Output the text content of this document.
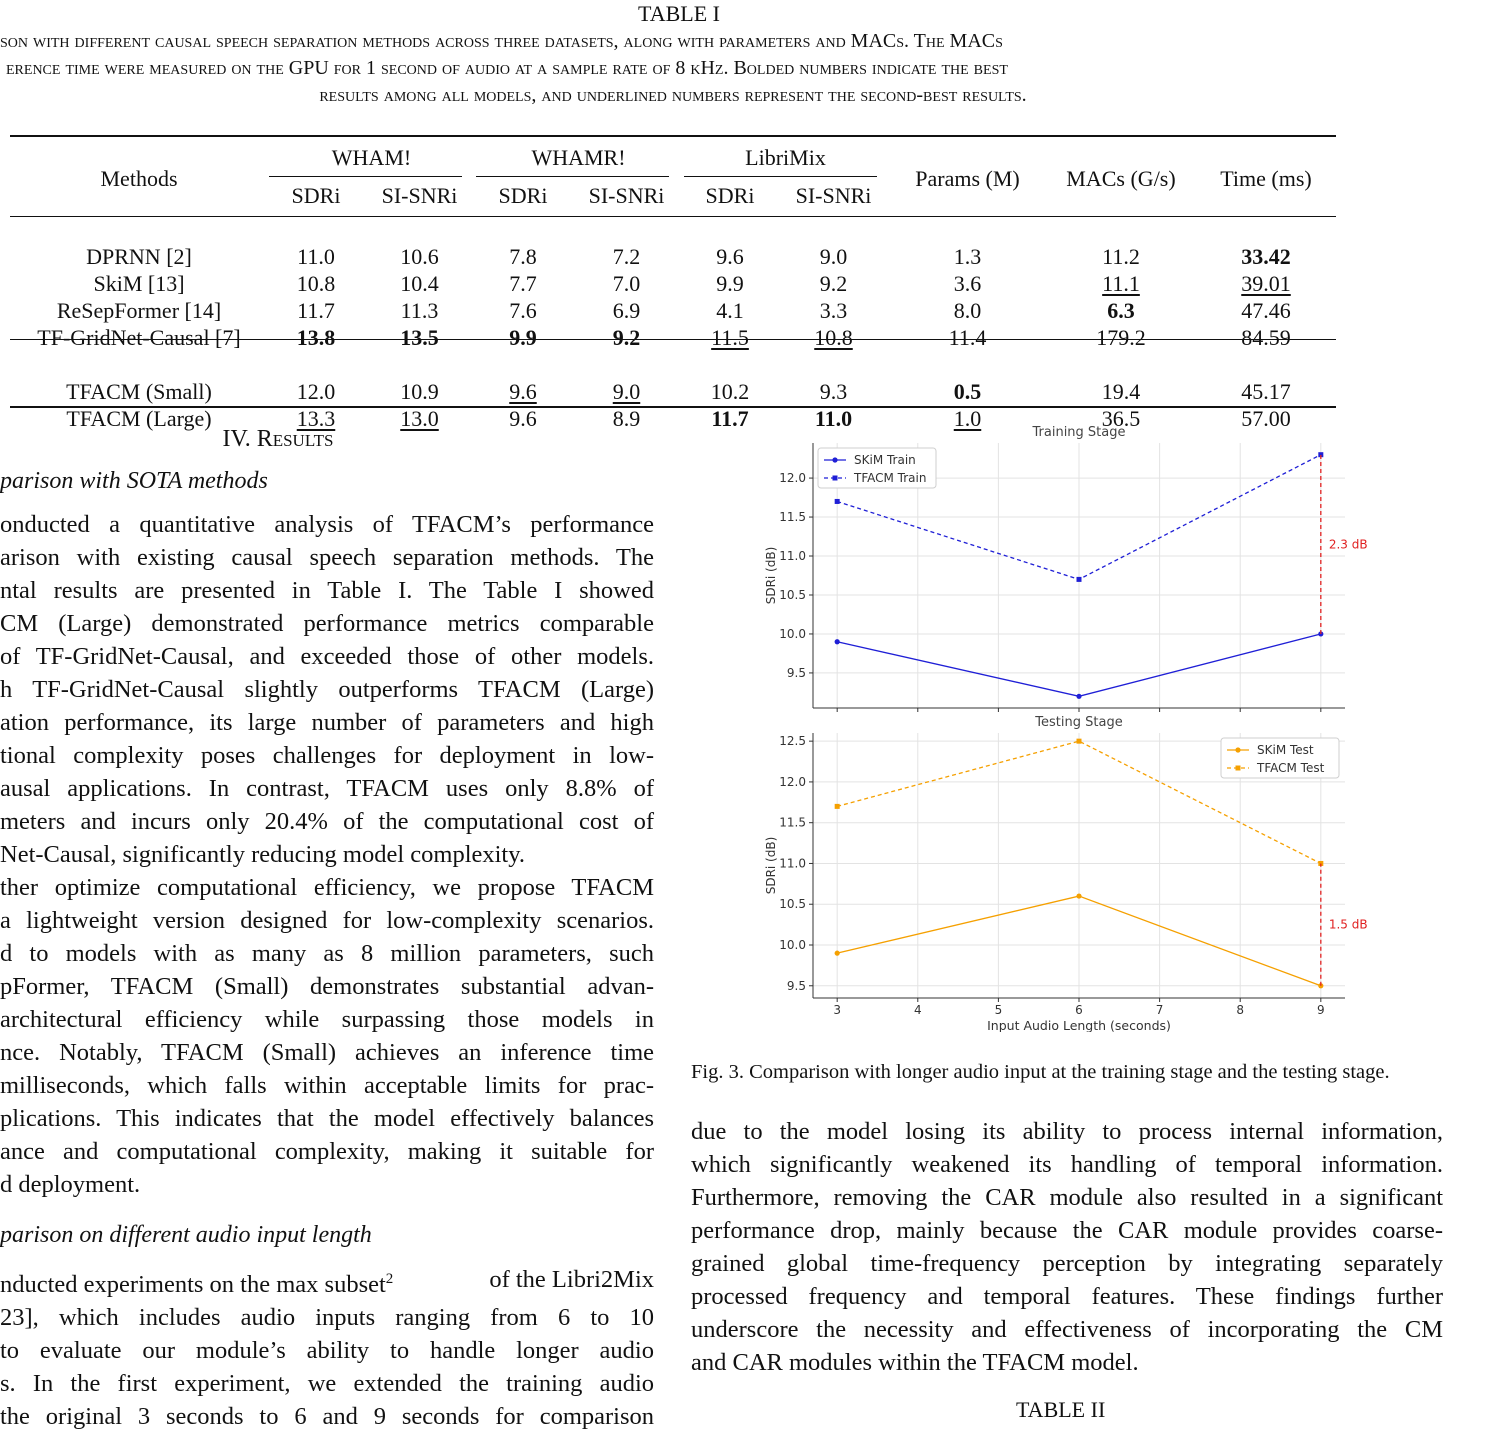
TABLE I
son with different causal speech separation methods across three datasets, along with parameters and MACs. The MACs
erence time were measured on the GPU for 1 second of audio at a sample rate of 8 kHz. Bolded numbers indicate the best
results among all models, and underlined numbers represent the second-best results.
Methods	WHAM!		WHAMR!		LibriMix		Params (M)	MACs (G/s)	Time (ms)
	SDRi	SI-SNRi	SDRi	SI-SNRi	SDRi	SI-SNRi			

DPRNN [2]	11.0	10.6	7.8	7.2	9.6	9.0	1.3	11.2	33.42
SkiM [13]	10.8	10.4	7.7	7.0	9.9	9.2	3.6	11.1	39.01
ReSepFormer [14]	11.7	11.3	7.6	6.9	4.1	3.3	8.0	6.3	47.46
TF-GridNet-Causal [7]	13.8	13.5	9.9	9.2	11.5	10.8	11.4	179.2	84.59

TFACM (Small)	12.0	10.9	9.6	9.0	10.2	9.3	0.5	19.4	45.17
TFACM (Large)	13.3	13.0	9.6	8.9	11.7	11.0	1.0	36.5	57.00
IV. Results
parison with SOTA methods

onducted a quantitative analysis of TFACM’s performance

arison with existing causal speech separation methods. The

ntal results are presented in Table I. The Table I showed

CM (Large) demonstrated performance metrics comparable

of TF-GridNet-Causal, and exceeded those of other models.

h TF-GridNet-Causal slightly outperforms TFACM (Large)

ation performance, its large number of parameters and high

tional complexity poses challenges for deployment in low-

ausal applications. In contrast, TFACM uses only 8.8% of

meters and incurs only 20.4% of the computational cost of

Net-Causal, significantly reducing model complexity.

ther optimize computational efficiency, we propose TFACM

a lightweight version designed for low-complexity scenarios.

d to models with as many as 8 million parameters, such

pFormer, TFACM (Small) demonstrates substantial advan-

architectural efficiency while surpassing those models in

nce. Notably, TFACM (Small) achieves an inference time

milliseconds, which falls within acceptable limits for prac-

plications. This indicates that the model effectively balances

ance and computational complexity, making it suitable for

d deployment.

parison on different audio input length

nducted experiments on the max subset$^2$	of the Libri2Mix

23], which includes audio inputs ranging from 6 to 10

to evaluate our module’s ability to handle longer audio

s. In the first experiment, we extended the training audio

the original 3 seconds to 6 and 9 seconds for comparison

9.5
10.0
10.5
11.0
11.5
12.0
Training Stage
SDRi (dB)
2.3 dB
SKiM Train
TFACM Train
9.5
10.0
10.5
11.0
11.5
12.0
12.5
3	4	5	6	7	8	9
Testing Stage
SDRi (dB)
Input Audio Length (seconds)
1.5 dB
SKiM Test
TFACM Test
Fig. 3. Comparison with longer audio input at the training stage and the testing stage.

due to the model losing its ability to process internal information,

which significantly weakened its handling of temporal information.

Furthermore, removing the CAR module also resulted in a significant

performance drop, mainly because the CAR module provides coarse-

grained global time-frequency perception by integrating separately

processed frequency and temporal features. These findings further

underscore the necessity and effectiveness of incorporating the CM

and CAR modules within the TFACM model.

TABLE II
